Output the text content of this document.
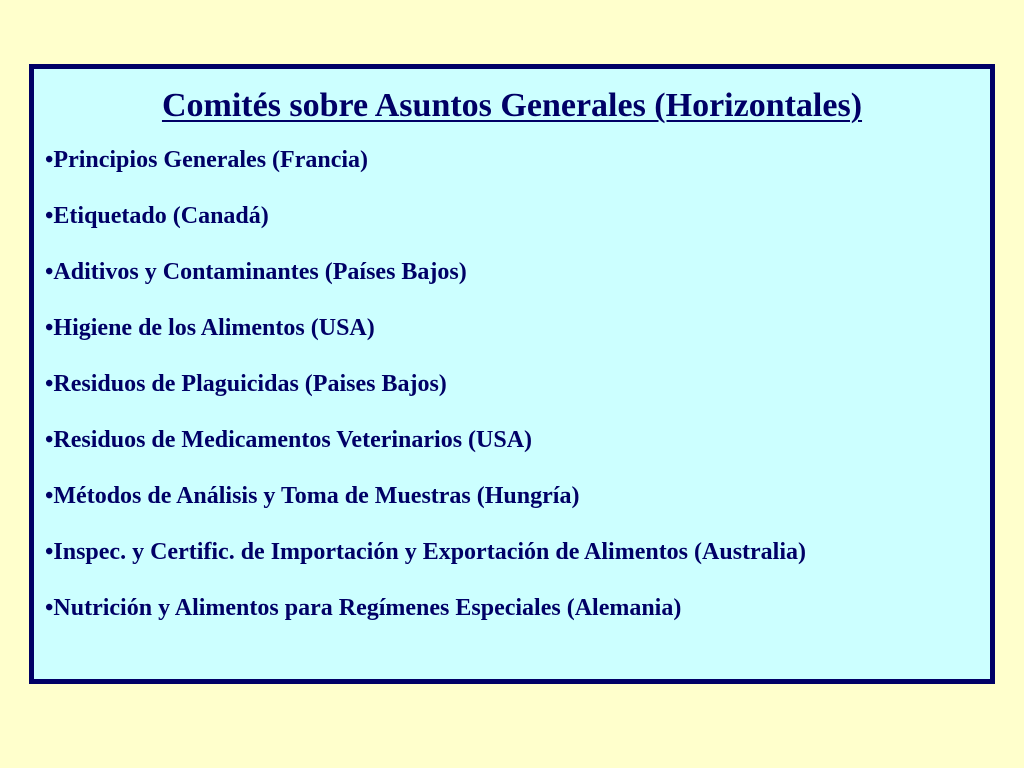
Comités sobre Asuntos Generales (Horizontales)
•Principios Generales (Francia)
•Etiquetado (Canadá)
•Aditivos y Contaminantes (Países Bajos)
•Higiene de los Alimentos (USA)
•Residuos de Plaguicidas (Paises Bajos)
•Residuos de Medicamentos Veterinarios (USA)
•Métodos de Análisis y Toma de Muestras (Hungría)
•Inspec. y Certific. de Importación y Exportación de Alimentos (Australia)
•Nutrición y Alimentos para Regímenes Especiales (Alemania)
